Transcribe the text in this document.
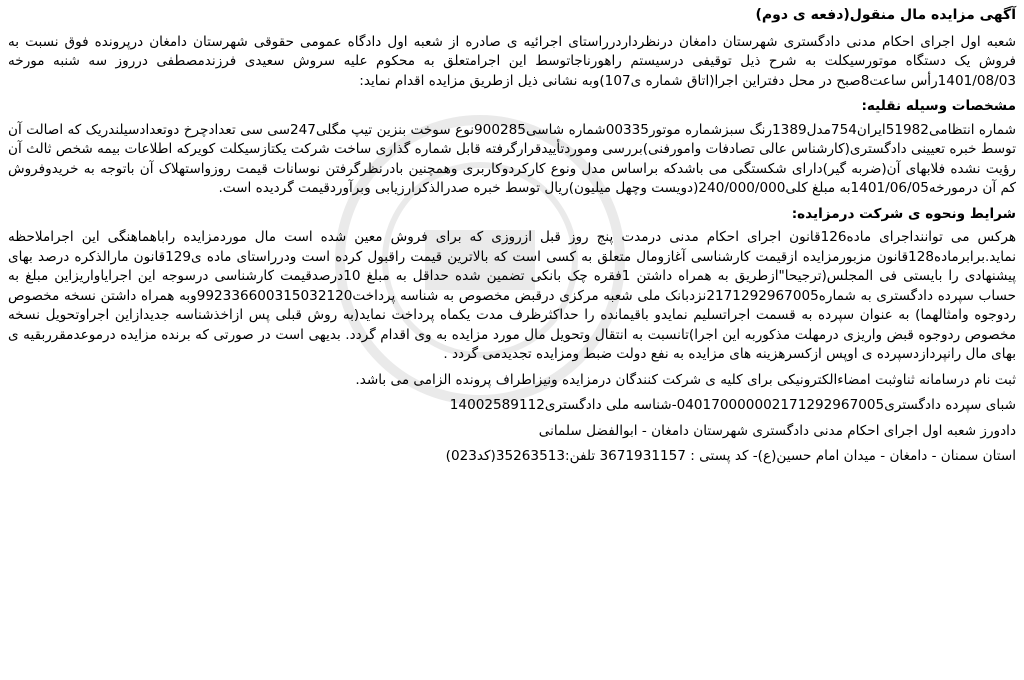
آگهی مزایده مال منقول(دفعه ی دوم)
شعبه اول اجرای احکام مدنی دادگستری شهرستان دامغان درنظرداردرراستای اجرائیه ی صادره از شعبه اول دادگاه عمومی حقوقی شهرستان دامغان درپرونده فوق نسبت به فروش یک دستگاه موتورسیکلت به شرح ذیل توقیفی درسیستم راهورناجاتوسط این اجرامتعلق به محکوم علیه سروش سعیدی فرزندمصطفی درروز سه شنبه مورخه 1401/08/03رأس ساعت8صبح در محل دفتراین اجرا(اتاق شماره ی107)وبه نشانی ذیل ازطریق مزایده اقدام نماید:
مشخصات وسیله نقلیه:
شماره انتظامی51982ایران754مدل1389رنگ سبزشماره موتور00335شماره شاسی900285نوع سوخت بنزین تیپ مگلی247سی سی تعدادچرخ دوتعدادسیلندریک که اصالت آن توسط خبره تعیینی دادگستری(کارشناس عالی تصادفات وامورفنی)بررسی وموردتأییدقرارگرفته قابل شماره گذاری ساخت شرکت یکتازسیکلت کویرکه اطلاعات بیمه شخص ثالث آن رؤیت نشده فلابهای آن(ضربه گیر)دارای شکستگی می باشدکه براساس مدل ونوع کارکردوکاربری وهمچنین بادرنظرگرفتن نوسانات قیمت روزواستهلاک آن باتوجه به خریدوفروش کم آن درمورخه1401/06/05به مبلغ کلی240/000/000(دویست وچهل میلیون)ریال توسط خبره صدرالذکرارزیابی وبرآوردقیمت گردیده است.
شرایط ونحوه ی شرکت درمزایده:
هرکس می تواننداجرای ماده126قانون اجرای احکام مدنی درمدت پنج روز قبل ازروزی که برای فروش معین شده است مال موردمزایده راباهماهنگی این اجراملاحظه نماید.برابرماده128قانون مزبورمزایده ازقیمت کارشناسی آغازومال متعلق به کسی است که بالاترین قیمت راقبول کرده است ودرراستای ماده ی129قانون مارالذکره درصد بهای پیشنهادی را بایستی فی المجلس(ترجیحا"ازطریق به همراه داشتن 1فقره چک بانکی تضمین شده حداقل به مبلغ 10درصدقیمت کارشناسی درسوجه این اجرایاواریزاین مبلغ به حساب سپرده دادگستری به شماره2171292967005نزدبانک ملی شعبه مرکزی درقبض مخصوص به شناسه پرداخت992336600315032120وبه همراه داشتن نسخه مخصوص ردوجوه وامثالهما) به عنوان سپرده به قسمت اجراتسلیم نمایدو باقیمانده را حداکثرظرف مدت یکماه پرداخت نماید(به روش قبلی پس ازاخذشناسه جدیدازاین اجراوتحویل نسخه مخصوص ردوجوه قبض واریزی درمهلت مذکوربه این اجرا)تانسبت به انتقال وتحویل مال مورد مزایده به وی اقدام گردد. بدیهی است در صورتی که برنده مزایده درموعدمقرربقیه ی بهای مال رانپردازدسپرده ی اوپس ازکسرهزینه های مزایده به نفع دولت ضبط ومزایده تجدیدمی گردد .
ثبت نام درسامانه ثناوثبت امضاءالکترونیکی برای کلیه ی شرکت کنندگان درمزایده ونیزاطراف پرونده الزامی می باشد.
شبای سپرده دادگستری040170000002171292967005-شناسه ملی دادگستری14002589112
دادورز شعبه اول اجرای احکام مدنی دادگستری شهرستان دامغان - ابوالفضل سلمانی
استان سمنان - دامغان - میدان امام حسین(ع)- کد پستی : 3671931157 تلفن:35263513(کد023)
